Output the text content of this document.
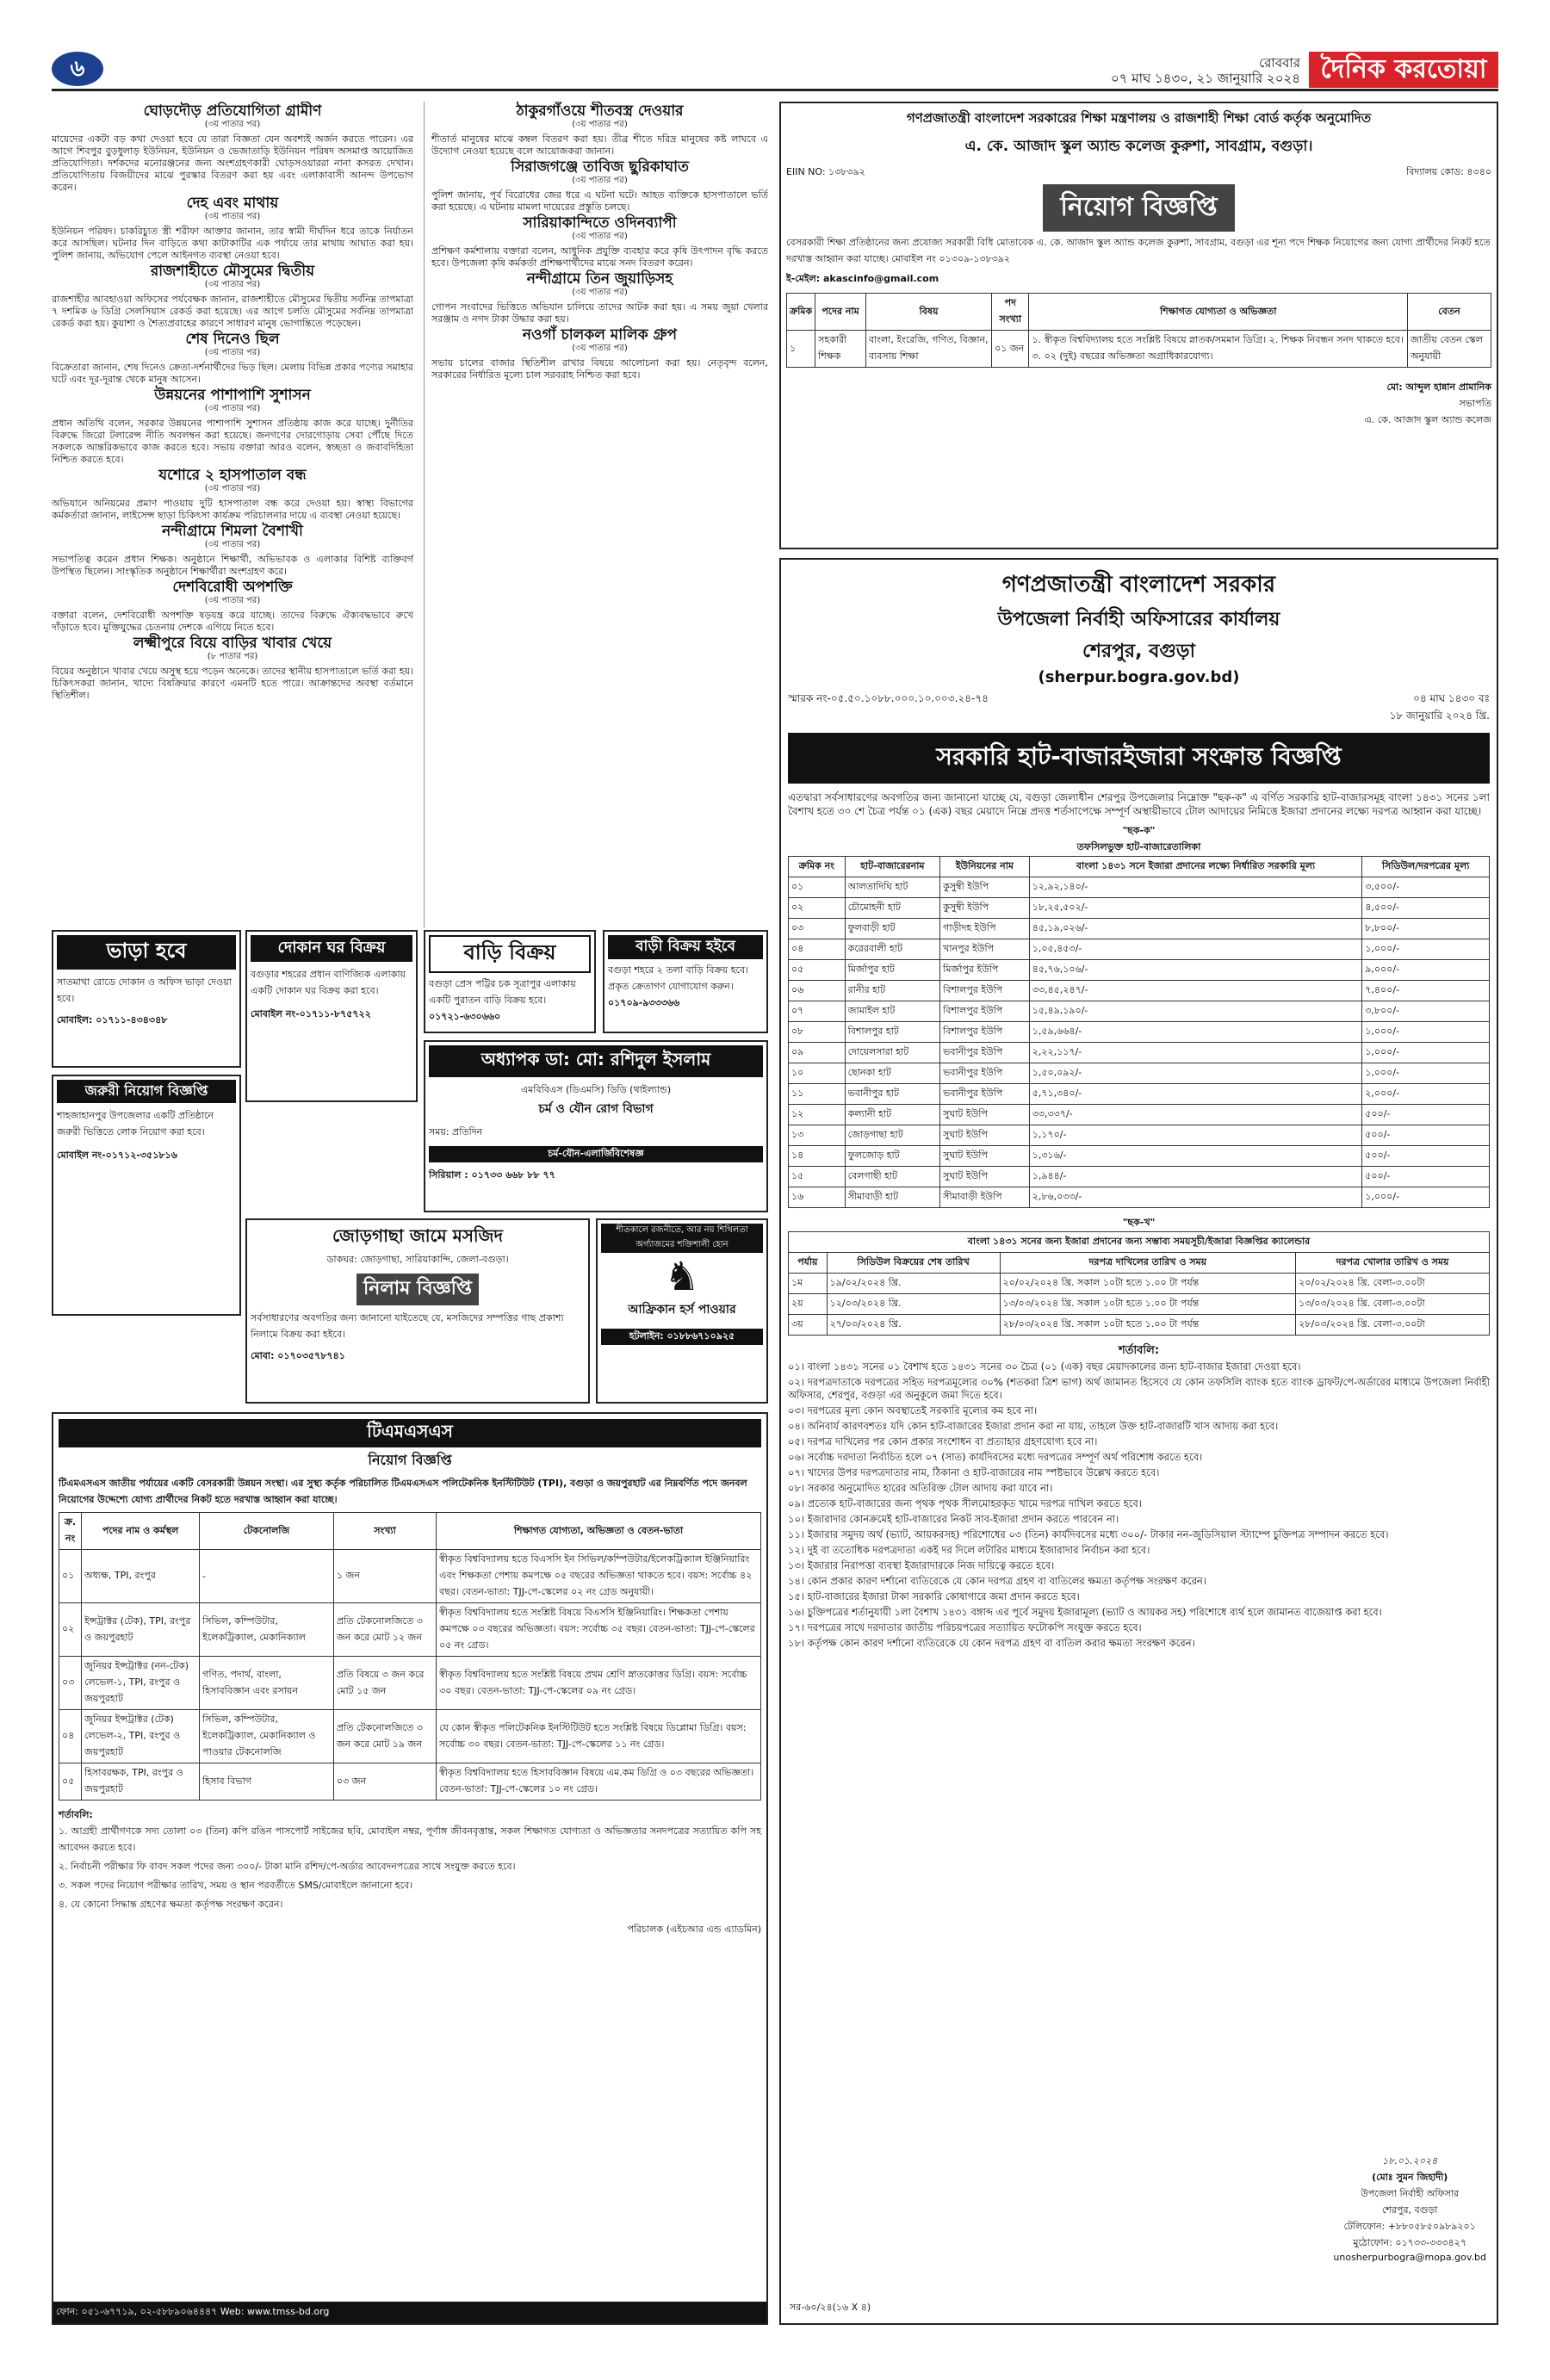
৬	রোববার
০৭ মাঘ ১৪৩০, ২১ জানুয়ারি ২০২৪ দৈনিক করতোয়া
ঘোড়দৌড় প্রতিযোগিতা গ্রামীণ
(৩য় পাতার পর)

মায়েদের একটা বড় কথা দেওয়া হবে যে তারা বিজ্ঞতা যেন অবশ্যই অর্জন করতে পারেন। এর আগে শিবপুর বুড়ধুলাড় ইউনিয়ন, ইউনিয়ন ও ভেজাতাড়ি ইউনিয়ন পরিষদ অসমাপ্ত আয়োজিত প্রতিযোগিতা। দর্শকদের মনোরঞ্জনের জন্য অংশগ্রহণকারী ঘোড়সওয়াররা নানা কসরত দেখান। প্রতিযোগিতায় বিজয়ীদের মাঝে পুরস্কার বিতরণ করা হয় এবং এলাকাবাসী আনন্দ উপভোগ করেন।

দেহ এবং মাথায়
(৩য় পাতার পর)

ইউনিয়ন পরিষদ। চাকরিচ্যুত স্ত্রী শরীফা আক্তার জানান, তার স্বামী দীর্ঘদিন ধরে তাকে নির্যাতন করে আসছিল। ঘটনার দিন বাড়িতে কথা কাটাকাটির এক পর্যায়ে তার মাথায় আঘাত করা হয়। পুলিশ জানায়, অভিযোগ পেলে আইনগত ব্যবস্থা নেওয়া হবে।

রাজশাহীতে মৌসুমের দ্বিতীয়
(৩য় পাতার পর)

রাজশাহীর আবহাওয়া অফিসের পর্যবেক্ষক জানান, রাজশাহীতে মৌসুমের দ্বিতীয় সর্বনিম্ন তাপমাত্রা ৭ দশমিক ৬ ডিগ্রি সেলসিয়াস রেকর্ড করা হয়েছে। এর আগে চলতি মৌসুমের সর্বনিম্ন তাপমাত্রা রেকর্ড করা হয়। কুয়াশা ও শৈত্যপ্রবাহের কারণে সাধারণ মানুষ ভোগান্তিতে পড়েছেন।

শেষ দিনেও ছিল
(৩য় পাতার পর)

বিক্রেতারা জানান, শেষ দিনেও ক্রেতা-দর্শনার্থীদের ভিড় ছিল। মেলায় বিভিন্ন প্রকার পণ্যের সমাহার ঘটে এবং দূর-দূরান্ত থেকে মানুষ আসেন।

উন্নয়নের পাশাপাশি সুশাসন
(৩য় পাতার পর)

প্রধান অতিথি বলেন, সরকার উন্নয়নের পাশাপাশি সুশাসন প্রতিষ্ঠায় কাজ করে যাচ্ছে। দুর্নীতির বিরুদ্ধে জিরো টলারেন্স নীতি অবলম্বন করা হয়েছে। জনগণের দোরগোড়ায় সেবা পৌঁছে দিতে সকলকে আন্তরিকভাবে কাজ করতে হবে। সভায় বক্তারা আরও বলেন, স্বচ্ছতা ও জবাবদিহিতা নিশ্চিত করতে হবে।

যশোরে ২ হাসপাতাল বন্ধ
(৩য় পাতার পর)

অভিযানে অনিয়মের প্রমাণ পাওয়ায় দুটি হাসপাতাল বন্ধ করে দেওয়া হয়। স্বাস্থ্য বিভাগের কর্মকর্তারা জানান, লাইসেন্স ছাড়া চিকিৎসা কার্যক্রম পরিচালনার দায়ে এ ব্যবস্থা নেওয়া হয়েছে।

নন্দীগ্রামে শিমলা বৈশাখী
(৩য় পাতার পর)

সভাপতিত্ব করেন প্রধান শিক্ষক। অনুষ্ঠানে শিক্ষার্থী, অভিভাবক ও এলাকার বিশিষ্ট ব্যক্তিবর্গ উপস্থিত ছিলেন। সাংস্কৃতিক অনুষ্ঠানে শিক্ষার্থীরা অংশগ্রহণ করে।

দেশবিরোধী অপশক্তি
(৩য় পাতার পর)

বক্তারা বলেন, দেশবিরোধী অপশক্তি ষড়যন্ত্র করে যাচ্ছে। তাদের বিরুদ্ধে ঐক্যবদ্ধভাবে রুখে দাঁড়াতে হবে। মুক্তিযুদ্ধের চেতনায় দেশকে এগিয়ে নিতে হবে।

লক্ষ্মীপুরে বিয়ে বাড়ির খাবার খেয়ে
(৮ পাতার পর)

বিয়ের অনুষ্ঠানে খাবার খেয়ে অসুস্থ হয়ে পড়েন অনেকে। তাদের স্থানীয় হাসপাতালে ভর্তি করা হয়। চিকিৎসকরা জানান, খাদ্যে বিষক্রিয়ার কারণে এমনটি হতে পারে। আক্রান্তদের অবস্থা বর্তমানে স্থিতিশীল।

ঠাকুরগাঁওয়ে শীতবস্ত্র দেওয়ার
(৩য় পাতার পর)

শীতার্ত মানুষের মাঝে কম্বল বিতরণ করা হয়। তীব্র শীতে দরিদ্র মানুষের কষ্ট লাঘবে এ উদ্যোগ নেওয়া হয়েছে বলে আয়োজকরা জানান।

সিরাজগঞ্জে তাবিজ ছুরিকাঘাত
(৩য় পাতার পর)

পুলিশ জানায়, পূর্ব বিরোধের জের ধরে এ ঘটনা ঘটে। আহত ব্যক্তিকে হাসপাতালে ভর্তি করা হয়েছে। এ ঘটনায় মামলা দায়েরের প্রস্তুতি চলছে।

সারিয়াকান্দিতে ওদিনব্যাপী
(৩য় পাতার পর)

প্রশিক্ষণ কর্মশালায় বক্তারা বলেন, আধুনিক প্রযুক্তি ব্যবহার করে কৃষি উৎপাদন বৃদ্ধি করতে হবে। উপজেলা কৃষি কর্মকর্তা প্রশিক্ষণার্থীদের মাঝে সনদ বিতরণ করেন।

নন্দীগ্রামে তিন জুয়াড়িসহ
(৩য় পাতার পর)

গোপন সংবাদের ভিত্তিতে অভিযান চালিয়ে তাদের আটক করা হয়। এ সময় জুয়া খেলার সরঞ্জাম ও নগদ টাকা উদ্ধার করা হয়।

নওগাঁ চালকল মালিক গ্রুপ
(৩য় পাতার পর)

সভায় চালের বাজার স্থিতিশীল রাখার বিষয়ে আলোচনা করা হয়। নেতৃবৃন্দ বলেন, সরকারের নির্ধারিত মূল্যে চাল সরবরাহ নিশ্চিত করা হবে।

ভাড়া হবে
সাতমাথা রোডে দোকান ও অফিস ভাড়া দেওয়া হবে।
মোবাইল: ০১৭১১-৪৩৪৩৪৮
দোকান ঘর বিক্রয়
বগুড়ার শহরের প্রধান বাণিজ্যিক এলাকায় একটি দোকান ঘর বিক্রয় করা হবে।
মোবাইল নং-০১৭১১-৮৭৫৭২২
জরুরী নিয়োগ বিজ্ঞপ্তি
শাহজাহানপুর উপজেলার একটি প্রতিষ্ঠানে জরুরী ভিত্তিতে লোক নিয়োগ করা হবে।
মোবাইল নং-০১৭১২-৩৫১৮১৬
বাড়ি বিক্রয়
বগুড়া প্রেস পট্টির চক সূত্রাপুর এলাকায় একটি পুরাতন বাড়ি বিক্রয় হবে।
০১৭২১-৬৩০৬৬০
বাড়ী বিক্রয় হইবে
বগুড়া শহরে ২ তলা বাড়ি বিক্রয় হবে। প্রকৃত ক্রেতাগণ যোগাযোগ করুন।
০১৭০৯-৯৩৩৩৬৬
অধ্যাপক ডা: মো: রশিদুল ইসলাম
এমবিবিএস (ডিএমসি) ডিডি (থাইল্যান্ড)
চর্ম ও যৌন রোগ বিভাগ
সময়: প্রতিদিন
চর্ম-যৌন-এলার্জিবিশেষজ্ঞ
সিরিয়াল : ০১৭৩৩ ৬৬৮ ৮৮ ৭৭
জোড়গাছা জামে মসজিদ
ডাকঘর: জোড়গাছা, সারিয়াকান্দি, জেলা-বগুড়া।
নিলাম বিজ্ঞপ্তি
সর্বসাধারণের অবগতির জন্য জানানো যাইতেছে যে, মসজিদের সম্পত্তির গাছ প্রকাশ্য নিলামে বিক্রয় করা হইবে।
মোবা: ০১৭০৩৫৭৮৭৪১
শীতকালে রজনীতে, আর নয় শিথিলতা অর্গ্যাজমের শক্তিশালী হোন
♞
আফ্রিকান হর্স পাওয়ার
হটলাইন: ০১৮৮৬৭১০৯২৫
টিএমএসএস
নিয়োগ বিজ্ঞপ্তি

টিএমএসএস জাতীয় পর্যায়ের একটি বেসরকারী উন্নয়ন সংস্থা। এর সুস্থ্য কর্তৃক পরিচালিত টিএমএসএস পলিটেকনিক ইনস্টিটিউট (TPI), বগুড়া ও জয়পুরহাট এর নিম্নবর্ণিত পদে জনবল নিয়োগের উদ্দেশ্যে যোগ্য প্রার্থীদের নিকট হতে দরখাস্ত আহ্বান করা যাচ্ছে।

ক্র. নং	পদের নাম ও কর্মস্থল	টেকনোলজি	সংখ্যা	শিক্ষাগত যোগ্যতা, অভিজ্ঞতা ও বেতন-ভাতা
০১	অধ্যক্ষ, TPI, রংপুর	-	১ জন	স্বীকৃত বিশ্ববিদ্যালয় হতে বিএসসি ইন সিভিল/কম্পিউটার/ইলেকট্রিক্যাল ইঞ্জিনিয়ারিং এবং শিক্ষকতা পেশায় কমপক্ষে ০৫ বছরের অভিজ্ঞতা থাকতে হবে। বয়স: সর্বোচ্চ ৪২ বছর। বেতন-ভাতা: TJJ-পে-স্কেলের ০২ নং গ্রেড অনুযায়ী।
০২	ইন্সট্রাক্টর (টেক), TPI, রংপুর ও জয়পুরহাট	সিভিল, কম্পিউটার, ইলেকট্রিক্যাল, মেকানিক্যাল	প্রতি টেকনোলজিতে ৩ জন করে মোট ১২ জন	স্বীকৃত বিশ্ববিদ্যালয় হতে সংশ্লিষ্ট বিষয়ে বিএসসি ইঞ্জিনিয়ারিং। শিক্ষকতা পেশায় কমপক্ষে ০৩ বছরের অভিজ্ঞতা। বয়স: সর্বোচ্চ ৩৫ বছর। বেতন-ভাতা: TJJ-পে-স্কেলের ০৫ নং গ্রেড।
০৩	জুনিয়র ইন্সট্রাক্টর (নন-টেক) লেভেল-১, TPI, রংপুর ও জয়পুরহাট	গণিত, পদার্থ, বাংলা, হিসাববিজ্ঞান এবং রসায়ন	প্রতি বিষয়ে ৩ জন করে মোট ১৫ জন	স্বীকৃত বিশ্ববিদ্যালয় হতে সংশ্লিষ্ট বিষয়ে প্রথম শ্রেণি স্নাতকোত্তর ডিগ্রি। বয়স: সর্বোচ্চ ৩০ বছর। বেতন-ভাতা: TJJ-পে-স্কেলের ০৯ নং গ্রেড।
০৪	জুনিয়র ইন্সট্রাক্টর (টেক) লেভেল-২, TPI, রংপুর ও জয়পুরহাট	সিভিল, কম্পিউটার, ইলেকট্রিক্যাল, মেকানিক্যাল ও পাওয়ার টেকনোলজি	প্রতি টেকনোলজিতে ৩ জন করে মোট ১৯ জন	যে কোন স্বীকৃত পলিটেকনিক ইনস্টিটিউট হতে সংশ্লিষ্ট বিষয়ে ডিপ্লোমা ডিগ্রি। বয়স: সর্বোচ্চ ৩০ বছর। বেতন-ভাতা: TJJ-পে-স্কেলের ১১ নং গ্রেড।
০৫	হিসাবরক্ষক, TPI, রংপুর ও জয়পুরহাট	হিসাব বিভাগ	০৩ জন	স্বীকৃত বিশ্ববিদ্যালয় হতে হিসাববিজ্ঞান বিষয়ে এম.কম ডিগ্রি ও ০৩ বছরের অভিজ্ঞতা। বেতন-ভাতা: TJJ-পে-স্কেলের ১০ নং গ্রেড।
শর্তাবলি:
১. আগ্রহী প্রার্থীগণকে সদ্য তোলা ০৩ (তিন) কপি রঙিন পাসপোর্ট সাইজের ছবি, মোবাইল নম্বর, পূর্ণাঙ্গ জীবনবৃত্তান্ত, সকল শিক্ষাগত যোগ্যতা ও অভিজ্ঞতার সনদপত্রের সত্যায়িত কপি সহ আবেদন করতে হবে।
২. নির্বাচনী পরীক্ষার ফি বাবদ সকল পদের জন্য ৩০০/- টাকা মানি রশিদ/পে-অর্ডার আবেদনপত্রের সাথে সংযুক্ত করতে হবে।
৩. সকল পদের নিয়োগ পরীক্ষার তারিখ, সময় ও স্থান পরবর্তীতে SMS/মোবাইলে জানানো হবে।
৪. যে কোনো সিদ্ধান্ত গ্রহণের ক্ষমতা কর্তৃপক্ষ সংরক্ষণ করেন।
পরিচালক (এইচআর এন্ড এ্যাডমিন)
ফোন: ০৫১-৬৭৭১৯, ০২-৫৮৮৯০৬৪৪৪৭ Web: www.tmss-bd.org
গণপ্রজাতন্ত্রী বাংলাদেশ সরকারের শিক্ষা মন্ত্রণালয় ও রাজশাহী শিক্ষা বোর্ড কর্তৃক অনুমোদিত
এ. কে. আজাদ স্কুল অ্যান্ড কলেজ কুরুশা, সাবগ্রাম, বগুড়া।
EIIN NO: ১৩৮৩৯২	বিদ্যালয় কোড: ৪৩৪০
নিয়োগ বিজ্ঞপ্তি

বেসরকারী শিক্ষা প্রতিষ্ঠানের জন্য প্রযোজ্য সরকারী বিধি মোতাবেক এ. কে. আজাদ স্কুল অ্যান্ড কলেজ কুরুশা, সাবগ্রাম, বগুড়া এর শূন্য পদে শিক্ষক নিয়োগের জন্য যোগ্য প্রার্থীদের নিকট হতে দরখাস্ত আহ্বান করা যাচ্ছে। মোবাইল নং ০১৩০৯-১৩৮৩৯২

ই-মেইল: akascinfo@gmail.com
ক্রমিক	পদের নাম	বিষয়	পদ সংখ্যা	শিক্ষাগত যোগ্যতা ও অভিজ্ঞতা	বেতন
১	সহকারী শিক্ষক	বাংলা, ইংরেজি, গণিত, বিজ্ঞান, ব্যবসায় শিক্ষা	০১ জন	১. স্বীকৃত বিশ্ববিদ্যালয় হতে সংশ্লিষ্ট বিষয়ে স্নাতক/সমমান ডিগ্রি। ২. শিক্ষক নিবন্ধন সনদ থাকতে হবে। ৩. ০২ (দুই) বছরের অভিজ্ঞতা অগ্রাধিকারযোগ্য।	জাতীয় বেতন স্কেল অনুযায়ী
মো: আব্দুল হান্নান প্রামানিক
সভাপতি
এ. কে. আজাদ স্কুল অ্যান্ড কলেজ
গণপ্রজাতন্ত্রী বাংলাদেশ সরকার
উপজেলা নির্বাহী অফিসারের কার্যালয়
শেরপুর, বগুড়া
(sherpur.bogra.gov.bd)
স্মারক নং-০৫.৫০.১০৮৮.০০০.১০.০০৩.২৪-৭৪	০৪ মাঘ ১৪৩০ বঃ
১৮ জানুয়ারি ২০২৪ খ্রি.
সরকারি হাট-বাজারইজারা সংক্রান্ত বিজ্ঞপ্তি

এতদ্বারা সর্বসাধারণের অবগতির জন্য জানানো যাচ্ছে যে, বগুড়া জেলাধীন শেরপুর উপজেলার নিম্নোক্ত "ছক-ক" এ বর্ণিত সরকারি হাট-বাজারসমূহ বাংলা ১৪৩১ সনের ১লা বৈশাখ হতে ৩০ শে চৈত্র পর্যন্ত ০১ (এক) বছর মেয়াদে নিম্নে প্রদত্ত শর্তসাপেক্ষে সম্পূর্ণ অস্থায়ীভাবে টোল আদায়ের নিমিত্তে ইজারা প্রদানের লক্ষ্যে দরপত্র আহ্বান করা যাচ্ছে।

"ছক-ক"
তফসিলভুক্ত হাট-বাজারেতালিকা
ক্রমিক নং	হাট-বাজারেরনাম	ইউনিয়নের নাম	বাংলা ১৪৩১ সনে ইজারা প্রদানের লক্ষ্যে নির্ধারিত সরকারি মূল্য	সিডিউল/দরপত্রের মূল্য
০১	আলতাদিঘি হাট	কুসুম্বী ইউপি	১২,৯২,১৪০/-	৩,৫০০/-
০২	চৌমোহনী হাট	কুসুম্বী ইউপি	১৮,২৫,৫০২/-	৪,৫০০/-
০৩	ফুলবাড়ী হাট	গাড়ীদহ ইউপি	৪৫,১৯,০২৬/-	৮,৮০০/-
০৪	করেরবালী হাট	খানপুর ইউপি	১,০৫,৪৫৩/-	১,০০০/-
০৫	মির্জাপুর হাট	মির্জাপুর ইউপি	৪৫,৭৬,১০৬/-	৯,০০০/-
০৬	রানীর হাট	বিশালপুর ইউপি	৩৩,৪৫,২৪৭/-	৭,৪০০/-
০৭	জামাইল হাট	বিশালপুর ইউপি	১৫,৪৯,১৯০/-	৩,৮০০/-
০৮	বিশালপুর হাট	বিশালপুর ইউপি	১,৫৯,৬৬৪/-	১,০০০/-
০৯	দোয়েলসারা হাট	ভবানীপুর ইউপি	২,২২,১১৭/-	১,০০০/-
১০	ছোনকা হাট	ভবানীপুর ইউপি	১,৫০,০৯২/-	১,০০০/-
১১	ভবানীপুর হাট	ভবানীপুর ইউপি	৫,৭১,৩৪০/-	২,০০০/-
১২	কল্যানী হাট	সুঘাট ইউপি	৩৩,৩৩৭/-	৫০০/-
১৩	জোড়গাছা হাট	সুঘাট ইউপি	১,১৭০/-	৫০০/-
১৪	ফুলজোড় হাট	সুঘাট ইউপি	১,৩১৬/-	৫০০/-
১৫	বেলগাছী হাট	সুঘাট ইউপি	১,৯৪৪/-	৫০০/-
১৬	সীমাবাড়ী হাট	সীমাবাড়ী ইউপি	২,৮৬,০৩৩/-	১,০০০/-
"ছক-খ"
বাংলা ১৪৩১ সনের জন্য ইজারা প্রদানের জন্য সম্ভাব্য সময়সূচী/ইজারা বিজ্ঞপ্তির ক্যালেন্ডার			
পর্যায়	সিডিউল বিক্রয়ের শেষ তারিখ	দরপত্র দাখিলের তারিখ ও সময়	দরপত্র খোলার তারিখ ও সময়
১ম	১৯/০২/২০২৪ খ্রি.	২০/০২/২০২৪ খ্রি. সকাল ১০টা হতে ১.০০ টা পর্যন্ত	২০/০২/২০২৪ খ্রি. বেলা-৩.০০টা
২য়	১২/০৩/২০২৪ খ্রি.	১৩/০৩/২০২৪ খ্রি. সকাল ১০টা হতে ১.০০ টা পর্যন্ত	১৩/০৩/২০২৪ খ্রি. বেলা-৩.০০টা
৩য়	২৭/০৩/২০২৪ খ্রি.	২৮/০৩/২০২৪ খ্রি. সকাল ১০টা হতে ১.০০ টা পর্যন্ত	২৮/০৩/২০২৪ খ্রি. বেলা-৩.০০টা
শর্তাবলি:
০১। বাংলা ১৪৩১ সনের ০১ বৈশাখ হতে ১৪৩১ সনের ৩০ চৈত্র (০১ (এক) বছর মেয়াদকালের জন্য হাট-বাজার ইজারা দেওয়া হবে।
০২। দরপত্রদাতাকে দরপত্রের সহিত দরপত্রমূল্যের ৩০% (শতকরা ত্রিশ ভাগ) অর্থ জামানত হিসেবে যে কোন তফসিলি ব্যাংক হতে ব্যাংক ড্রাফট/পে-অর্ডারের মাধ্যমে উপজেলা নির্বাহী অফিসার, শেরপুর, বগুড়া এর অনুকূলে জমা দিতে হবে।
০৩। দরপত্রের মূল্য কোন অবস্থাতেই সরকারি মূল্যের কম হবে না।
০৪। অনিবার্য কারণবশতঃ যদি কোন হাট-বাজারের ইজারা প্রদান করা না যায়, তাহলে উক্ত হাট-বাজারটি খাস আদায় করা হবে।
০৫। দরপত্র দাখিলের পর কোন প্রকার সংশোধন বা প্রত্যাহার গ্রহণযোগ্য হবে না।
০৬। সর্বোচ্চ দরদাতা নির্বাচিত হলে ০৭ (সাত) কার্যদিবসের মধ্যে দরপত্রের সম্পূর্ণ অর্থ পরিশোধ করতে হবে।
০৭। খাদ্যের উপর দরপত্রদাতার নাম, ঠিকানা ও হাট-বাজারের নাম স্পষ্টভাবে উল্লেখ করতে হবে।
০৮। সরকার অনুমোদিত হারের অতিরিক্ত টোল আদায় করা যাবে না।
০৯। প্রত্যেক হাট-বাজারের জন্য পৃথক পৃথক সীলমোহরকৃত খামে দরপত্র দাখিল করতে হবে।
১০। ইজারাদার কোনক্রমেই হাট-বাজারের নিকট সাব-ইজারা প্রদান করতে পারবেন না।
১১। ইজারার সমুদয় অর্থ (ভ্যাট, আয়করসহ) পরিশোধের ০৩ (তিন) কার্যদিবসের মধ্যে ৩০০/- টাকার নন-জুডিসিয়াল স্ট্যাম্পে চুক্তিপত্র সম্পাদন করতে হবে।
১২। দুই বা ততোধিক দরপত্রদাতা একই দর দিলে লটারির মাধ্যমে ইজারাদার নির্বাচন করা হবে।
১৩। ইজারার নিরাপত্তা ব্যবস্থা ইজারাদারকে নিজ দায়িত্বে করতে হবে।
১৪। কোন প্রকার কারণ দর্শানো ব্যতিরেকে যে কোন দরপত্র গ্রহণ বা বাতিলের ক্ষমতা কর্তৃপক্ষ সংরক্ষণ করেন।
১৫। হাট-বাজারের ইজারা টাকা সরকারি কোষাগারে জমা প্রদান করতে হবে।
১৬। চুক্তিপত্রের শর্তানুযায়ী ১লা বৈশাখ ১৪৩১ বঙ্গাব্দ এর পূর্বে সমুদয় ইজারামূল্য (ভ্যাট ও আয়কর সহ) পরিশোধে ব্যর্থ হলে জামানত বাজেয়াপ্ত করা হবে।
১৭। দরপত্রের সাথে দরদাতার জাতীয় পরিচয়পত্রের সত্যায়িত ফটোকপি সংযুক্ত করতে হবে।
১৮। কর্তৃপক্ষ কোন কারণ দর্শানো ব্যতিরেকে যে কোন দরপত্র গ্রহণ বা বাতিল করার ক্ষমতা সংরক্ষণ করেন।
১৮.০১.২০২৪
(মোঃ সুমন জিহাদী)
উপজেলা নির্বাহী অফিসার
শেরপুর, বগুড়া
টেলিফোন: +৮৮০৫৮৫০৯৮৯২০১
মুঠোফোন: ০১৭৩৩-৩৩৩৪২৭
unosherpurbogra@mopa.gov.bd
সর-৬০/২৪(১৬ X ৪)
